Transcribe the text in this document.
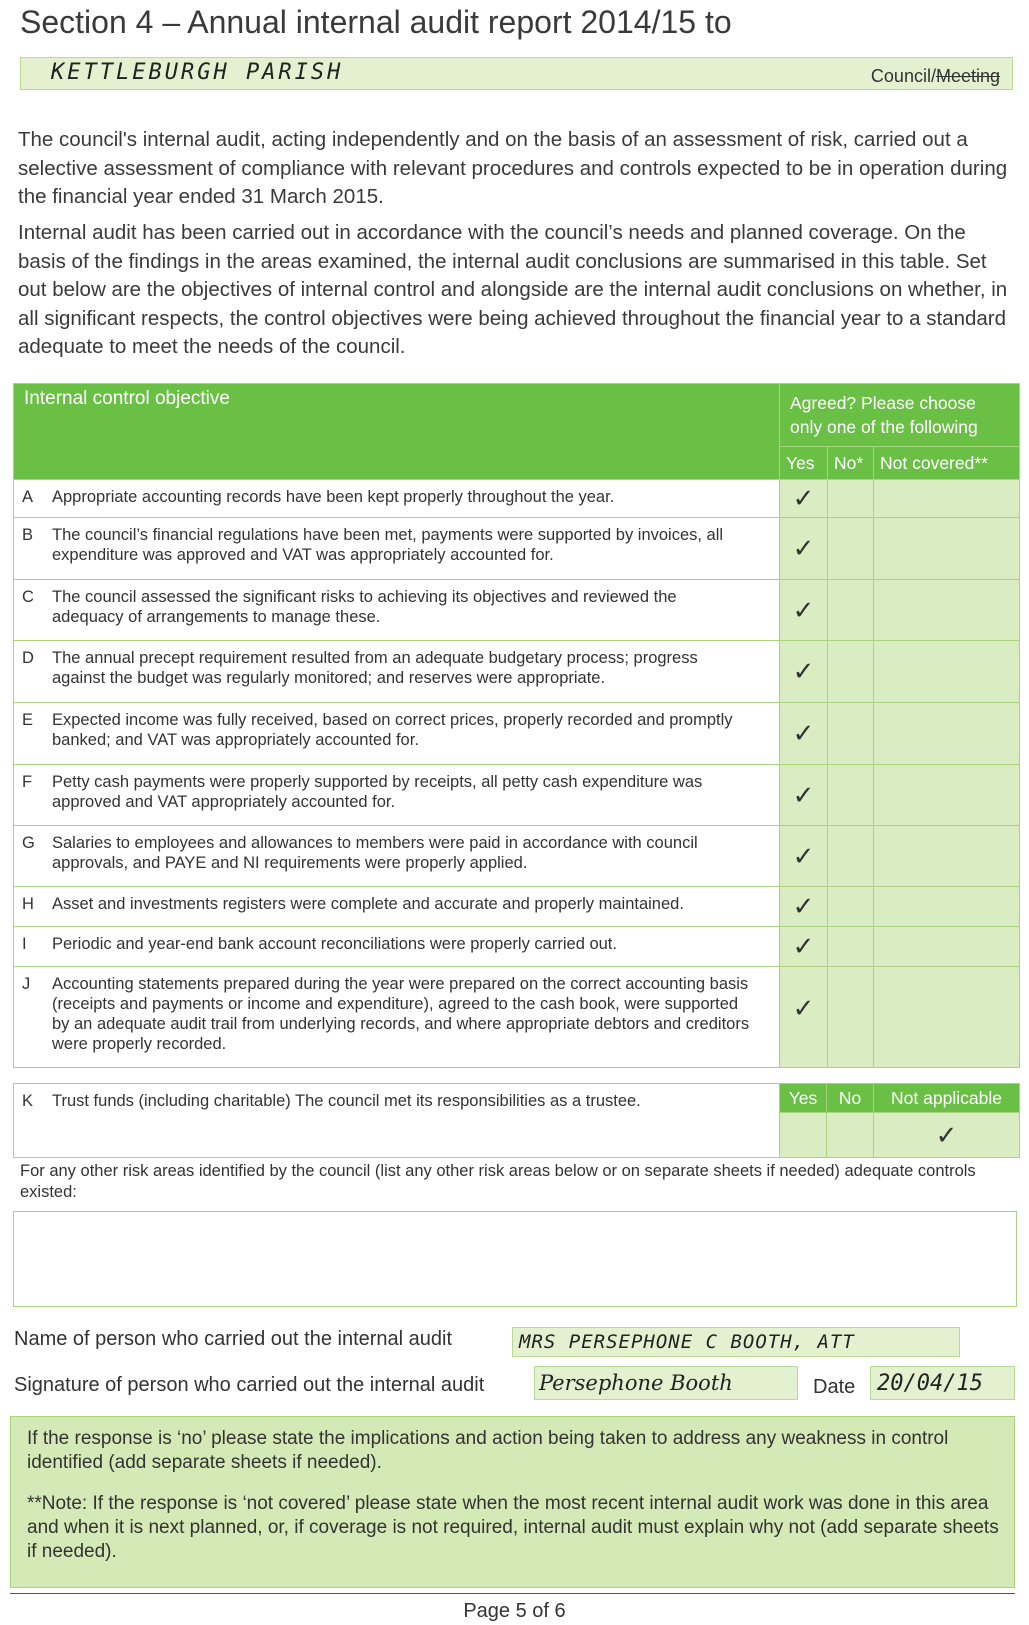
Section 4 – Annual internal audit report 2014/15 to
KETTLEBURGH PARISH	Council/Meeting
The council's internal audit, acting independently and on the basis of an assessment of risk, carried out a selective assessment of compliance with relevant procedures and controls expected to be in operation during the financial year ended 31 March 2015.
Internal audit has been carried out in accordance with the council’s needs and planned coverage. On the basis of the findings in the areas examined, the internal audit conclusions are summarised in this table. Set out below are the objectives of internal control and alongside are the internal audit conclusions on whether, in all significant respects, the control objectives were being achieved throughout the financial year to a standard adequate to meet the needs of the council.
Internal control objective	Agreed? Please choose only one of the following		
	Yes	No*	Not covered**
A Appropriate accounting records have been kept properly throughout the year.	✓		
B The council’s financial regulations have been met, payments were supported by invoices, all expenditure was approved and VAT was appropriately accounted for.	✓		
C The council assessed the significant risks to achieving its objectives and reviewed the adequacy of arrangements to manage these.	✓		
D The annual precept requirement resulted from an adequate budgetary process; progress against the budget was regularly monitored; and reserves were appropriate.	✓		
E Expected income was fully received, based on correct prices, properly recorded and promptly banked; and VAT was appropriately accounted for.	✓		
F Petty cash payments were properly supported by receipts, all petty cash expenditure was approved and VAT appropriately accounted for.	✓		
G Salaries to employees and allowances to members were paid in accordance with council approvals, and PAYE and NI requirements were properly applied.	✓		
H Asset and investments registers were complete and accurate and properly maintained.	✓		
I Periodic and year-end bank account reconciliations were properly carried out.	✓		
J Accounting statements prepared during the year were prepared on the correct accounting basis (receipts and payments or income and expenditure), agreed to the cash book, were supported by an adequate audit trail from underlying records, and where appropriate debtors and creditors were properly recorded.	✓		
K Trust funds (including charitable) The council met its responsibilities as a trustee.	Yes	No	Not applicable
			✓
For any other risk areas identified by the council (list any other risk areas below or on separate sheets if needed) adequate controls existed:
Name of person who carried out the internal audit	MRS PERSEPHONE C BOOTH, ATT
Signature of person who carried out the internal audit	Persephone Booth	Date 20/04/15

If the response is ‘no’ please state the implications and action being taken to address any weakness in control identified (add separate sheets if needed).

**Note: If the response is ‘not covered’ please state when the most recent internal audit work was done in this area and when it is next planned, or, if coverage is not required, internal audit must explain why not (add separate sheets if needed).

Page 5 of 6
